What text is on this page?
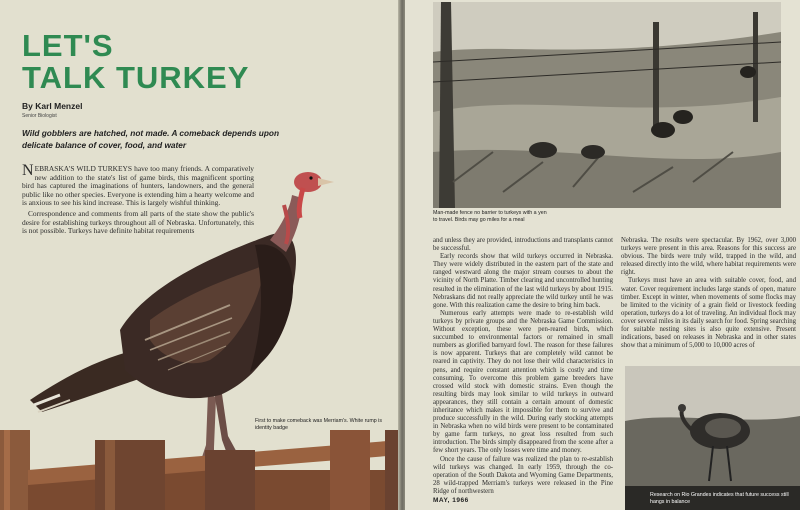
LET'S
TALK TURKEY
By Karl Menzel
Senior Biologist
Wild gobblers are hatched, not made. A comeback depends upon delicate balance of cover, food, and water

NEBRASKA'S WILD TURKEYS have too many friends. A comparatively new addition to the state's list of game birds, this magnificent sporting bird has captured the imaginations of hunters, landowners, and the general public like no other species. Everyone is extending him a hearty welcome and is anxious to see his kind increase. This is largely wishful thinking.

Correspondence and comments from all parts of the state show the public's desire for establishing turkeys throughout all of Nebraska. Unfortunately, this is not possible. Turkeys have definite habitat requirements

First to make comeback was Merriam's. White rump is identity badge
Man-made fence no barrier to turkeys with a yen to travel. Birds may go miles for a meal

and unless they are provided, introductions and transplants cannot be successful.

Early records show that wild turkeys occurred in Nebraska. They were widely distributed in the eastern part of the state and ranged westward along the major stream courses to about the vicinity of North Platte. Timber clearing and uncontrolled hunting resulted in the elimination of the last wild turkeys by about 1915. Nebraskans did not really appreciate the wild turkey until he was gone. With this realization came the desire to bring him back.

Numerous early attempts were made to re-establish wild turkeys by private groups and the Nebraska Game Commission. Without exception, these were pen-reared birds, which succumbed to environmental factors or remained in small numbers as glorified barnyard fowl. The reason for these failures is now apparent. Turkeys that are completely wild cannot be reared in captivity. They do not lose their wild characteristics in pens, and require constant attention which is costly and time consuming. To overcome this problem game breeders have crossed wild stock with domestic strains. Even though the resulting birds may look similar to wild turkeys in outward appearances, they still contain a certain amount of domestic inheritance which makes it impossible for them to survive and produce successfully in the wild. During early stocking attempts in Nebraska when no wild birds were present to be contaminated by game farm turkeys, no great loss resulted from such introduction. The birds simply disappeared from the scene after a few short years. The only losses were time and money.

Once the cause of failure was realized the plan to re-establish wild turkeys was changed. In early 1959, through the co-operation of the South Dakota and Wyoming Game Departments, 28 wild-trapped Merriam's turkeys were released in the Pine Ridge of northwestern

Nebraska. The results were spectacular. By 1962, over 3,000 turkeys were present in this area. Reasons for this success are obvious. The birds were truly wild, trapped in the wild, and released directly into the wild, where habitat requirements were right.

Turkeys must have an area with suitable cover, food, and water. Cover requirement includes large stands of open, mature timber. Except in winter, when movements of some flocks may be limited to the vicinity of a grain field or livestock feeding operation, turkeys do a lot of traveling. An individual flock may cover several miles in its daily search for food. Spring searching for suitable nesting sites is also quite extensive. Present indications, based on releases in Nebraska and in other states show that a minimum of 5,000 to 10,000 acres of

Research on Rio Grandes indicates that future success still hangs in balance
MAY, 1966
